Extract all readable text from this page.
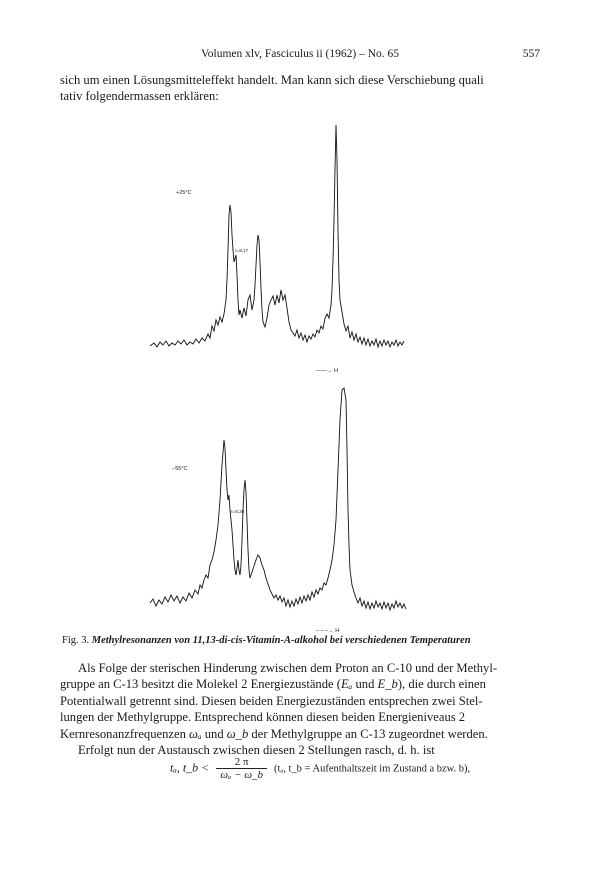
Volumen xlv, Fasciculus ii (1962) – No. 65	557

sich um einen Lösungsmitteleffekt handelt. Man kann sich diese Verschiebung quali

tativ folgendermassen erklären:

+25°C
τ=8,17
——→ H
−55°C
τ=8,20
– – –→ H
Fig. 3. Methylresonanzen von 11,13-di-cis-Vitamin-A-alkohol bei verschiedenen Temperaturen

Als Folge der sterischen Hinderung zwischen dem Proton an C-10 und der Methyl-

gruppe an C-13 besitzt die Molekel 2 Energiezustände (Eₐ und E_b), die durch einen

Potentialwall getrennt sind. Diesen beiden Energiezuständen entsprechen zwei Stel-

lungen der Methylgruppe. Entsprechend können diesen beiden Energieniveaus 2

Kernresonanzfrequenzen ωₐ und ω_b der Methylgruppe an C-13 zugeordnet werden.

Erfolgt nun der Austausch zwischen diesen 2 Stellungen rasch, d. h. ist

tₐ, t_b < $\frac{2 \pi}{\text{ωₐ − ω\_b}} (t_a$, t_b = Aufenthaltszeit im Zustand a bzw. b),
